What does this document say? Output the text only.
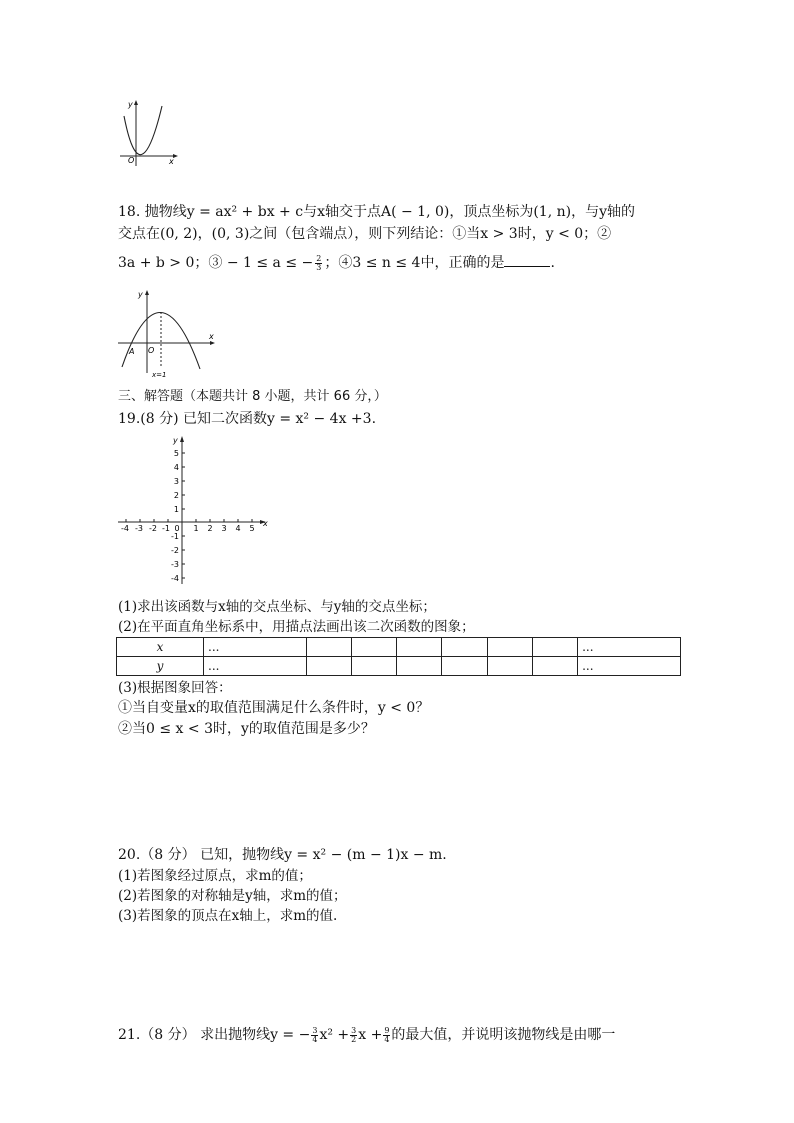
y
O	x
18. 抛物线y = ax² + bx + c与x轴交于点A( − 1, 0)，顶点坐标为(1, n)，与y轴的
交点在(0, 2)，(0, 3)之间（包含端点），则下列结论：①当x > 3时，y < 0；②
3a + b > 0；③ − 1 ≤ a ≤ − $\frac{2}{3}$ ；④3 ≤ n ≤ 4中，正确的是	.
y
x
A O
x=1
三、解答题（本题共计 8 小题，共计 66 分，）
19.(8 分) 已知二次函数y = x² − 4x +3.
y
x
5
4
3
2
1
-1
-2
-3
-4
-4 -3 -2 -1 0 1 2 3 4 5
(1)求出该函数与x轴的交点坐标、与y轴的交点坐标；
(2)在平面直角坐标系中，用描点法画出该二次函数的图象；
x	...							...
y	...							...
(3)根据图象回答：
①当自变量x的取值范围满足什么条件时，y < 0？
②当0 ≤ x < 3时，y的取值范围是多少？
20.（8 分） 已知，抛物线y = x² − (m − 1)x − m.
(1)若图象经过原点，求m的值；
(2)若图象的对称轴是y轴，求m的值；
(3)若图象的顶点在x轴上，求m的值.
21.（8 分） 求出抛物线y = − $\frac{3}{4} x^2 + \frac{3}{2}$ $x + \frac{9}{4}$ 的最大值，并说明该抛物线是由哪一
